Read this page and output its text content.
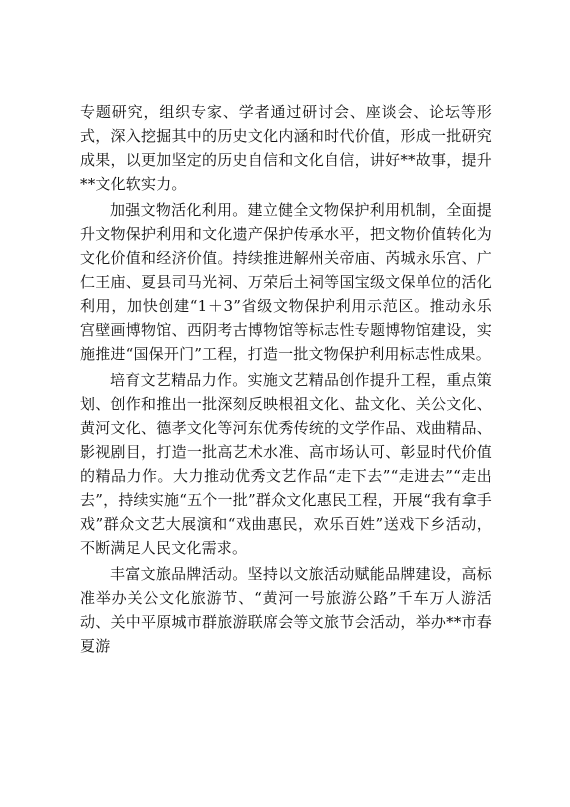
专题研究，组织专家、学者通过研讨会、座谈会、论坛等形式，深入挖掘其中的历史文化内涵和时代价值，形成一批研究成果，以更加坚定的历史自信和文化自信，讲好**故事，提升**文化软实力。

加强文物活化利用。建立健全文物保护利用机制，全面提升文物保护利用和文化遗产保护传承水平，把文物价值转化为文化价值和经济价值。持续推进解州关帝庙、芮城永乐宫、广仁王庙、夏县司马光祠、万荣后土祠等国宝级文保单位的活化利用，加快创建“1＋3”省级文物保护利用示范区。推动永乐宫壁画博物馆、西阴考古博物馆等标志性专题博物馆建设，实施推进“国保开门”工程，打造一批文物保护利用标志性成果。

培育文艺精品力作。实施文艺精品创作提升工程，重点策划、创作和推出一批深刻反映根祖文化、盐文化、关公文化、黄河文化、德孝文化等河东优秀传统的文学作品、戏曲精品、影视剧目，打造一批高艺术水准、高市场认可、彰显时代价值的精品力作。大力推动优秀文艺作品“走下去”“走进去”“走出去”，持续实施“五个一批”群众文化惠民工程，开展“我有拿手戏”群众文艺大展演和“戏曲惠民，欢乐百姓”送戏下乡活动，不断满足人民文化需求。

丰富文旅品牌活动。坚持以文旅活动赋能品牌建设，高标准举办关公文化旅游节、“黄河一号旅游公路”千车万人游活动、关中平原城市群旅游联席会等文旅节会活动，举办**市春夏游
